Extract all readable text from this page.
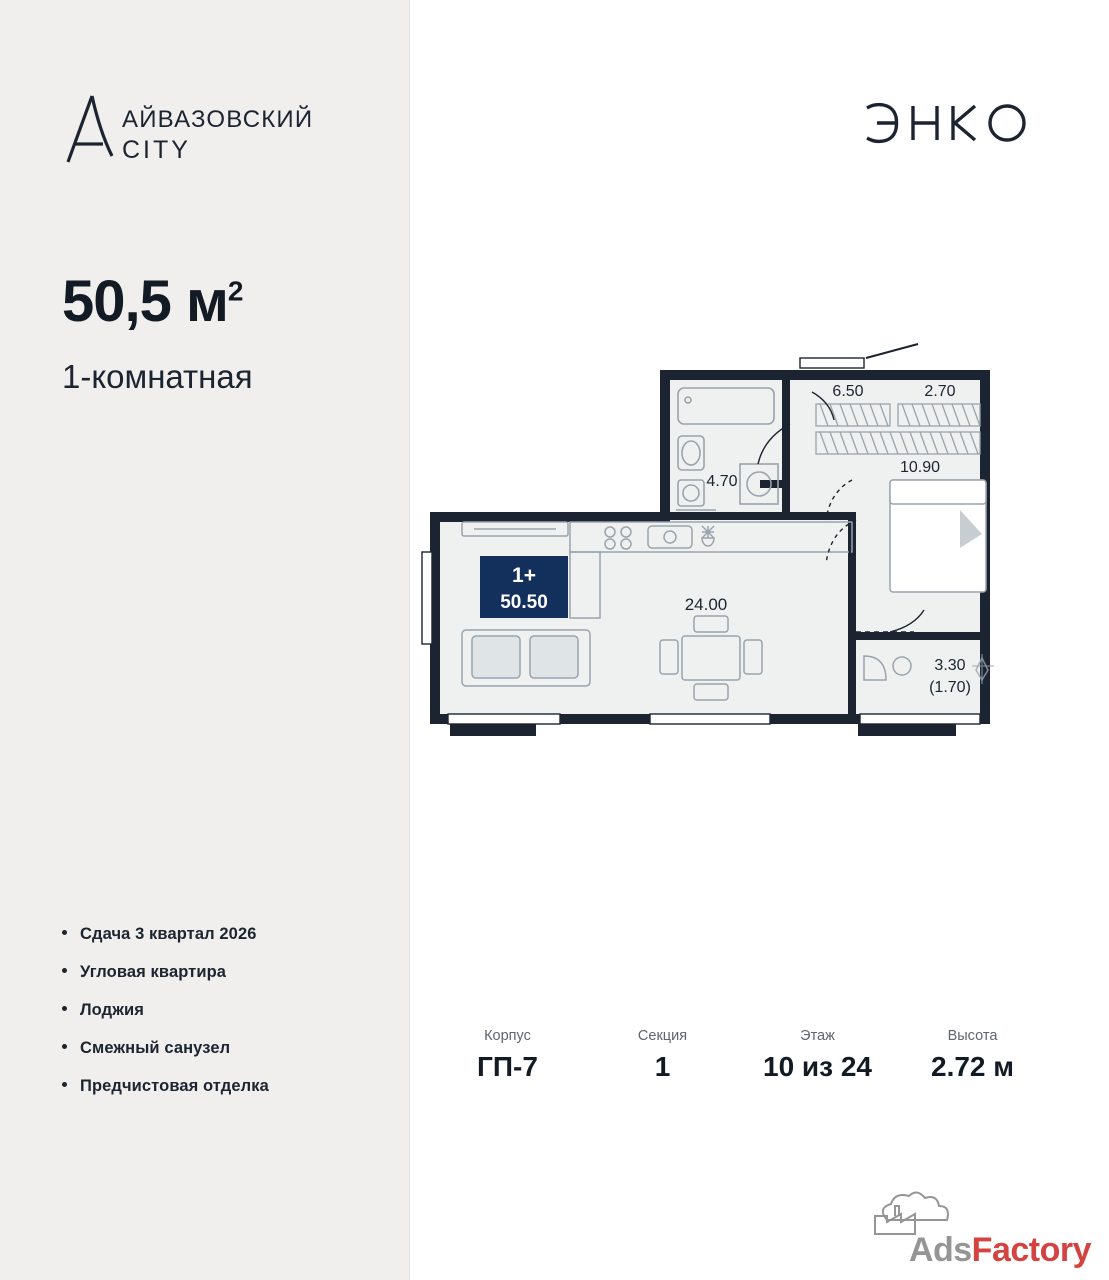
АЙВАЗОВСКИЙ
CITY
50,5 $м^2$
1-комнатная
Сдача 3 квартал 2026
Угловая квартира
Лоджия
Смежный санузел
Предчистовая отделка
4.70
6.50	2.70
10.90
24.00
3.30
(1.70)
1+
50.50
Корпус
ГП-7
Секция
1
Этаж
10 из 24
Высота
2.72 м
AdsFactory
